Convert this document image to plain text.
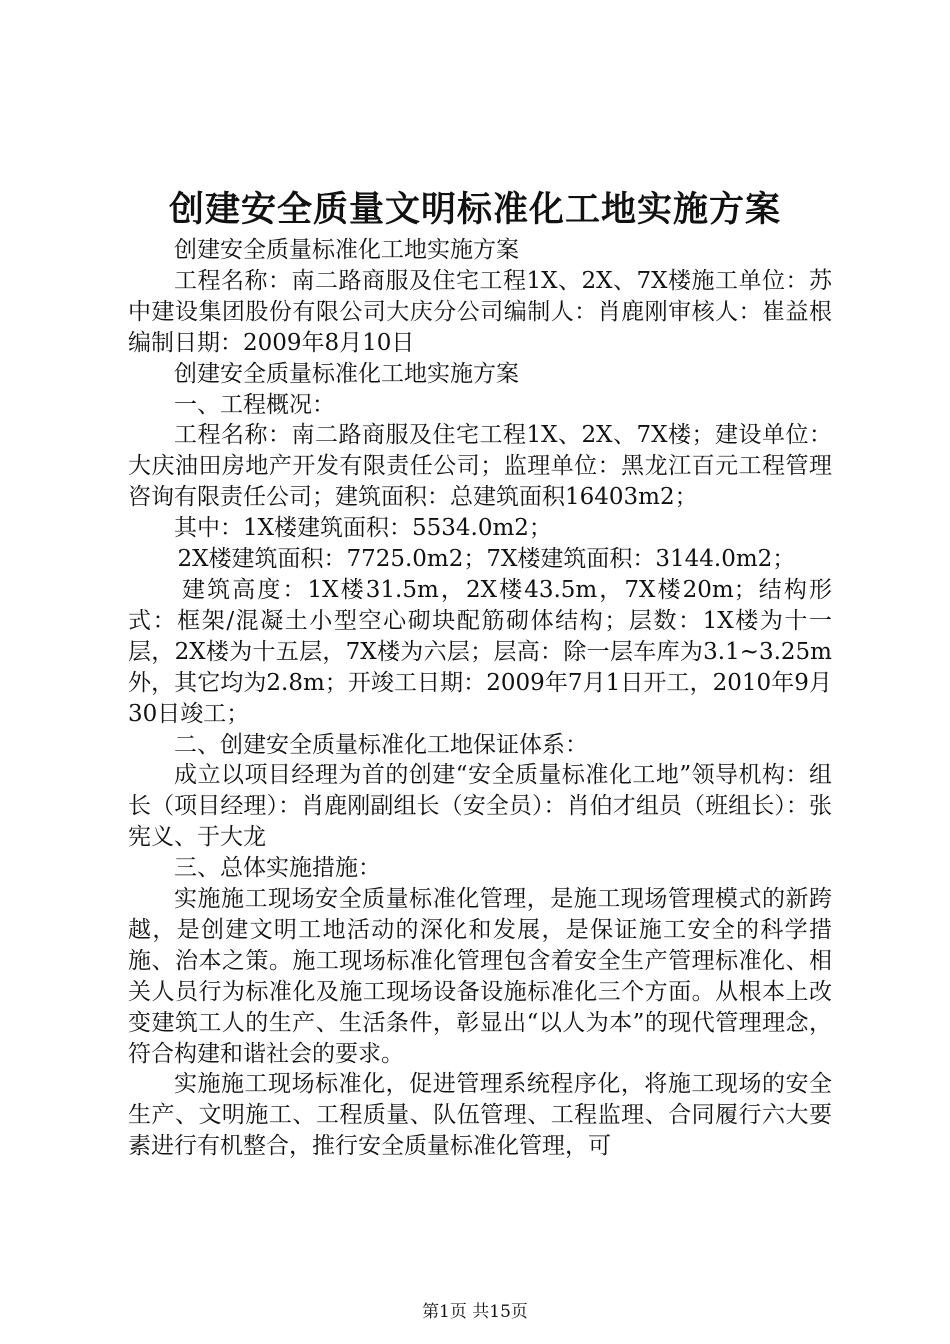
创建安全质量文明标准化工地实施方案

创建安全质量标准化工地实施方案

工程名称：南二路商服及住宅工程1X、2X、7X楼施工单位：苏中建设集团股份有限公司大庆分公司编制人：肖鹿刚审核人：崔益根编制日期：2009年8月10日

创建安全质量标准化工地实施方案

一、工程概况：

工程名称：南二路商服及住宅工程1X、2X、7X楼；建设单位：大庆油田房地产开发有限责任公司；监理单位：黑龙江百元工程管理咨询有限责任公司；建筑面积：总建筑面积16403m2；

其中：1X楼建筑面积：5534.0m2；

2X楼建筑面积：7725.0m2；7X楼建筑面积：3144.0m2；

建筑高度：1X楼31.5m，2X楼43.5m，7X楼20m；结构形式：框架/混凝土小型空心砌块配筋砌体结构；层数：1X楼为十一层，2X楼为十五层，7X楼为六层；层高：除一层车库为3.1~3.25m外，其它均为2.8m；开竣工日期：2009年7月1日开工，2010年9月30日竣工；

二、创建安全质量标准化工地保证体系：

成立以项目经理为首的创建“安全质量标准化工地”领导机构：组长（项目经理）：肖鹿刚副组长（安全员）：肖伯才组员（班组长）：张宪义、于大龙

三、总体实施措施：

实施施工现场安全质量标准化管理，是施工现场管理模式的新跨越，是创建文明工地活动的深化和发展，是保证施工安全的科学措施、治本之策。施工现场标准化管理包含着安全生产管理标准化、相关人员行为标准化及施工现场设备设施标准化三个方面。从根本上改变建筑工人的生产、生活条件，彰显出“以人为本”的现代管理理念，符合构建和谐社会的要求。

实施施工现场标准化，促进管理系统程序化，将施工现场的安全生产、文明施工、工程质量、队伍管理、工程监理、合同履行六大要素进行有机整合，推行安全质量标准化管理，可

第1页 共15页
